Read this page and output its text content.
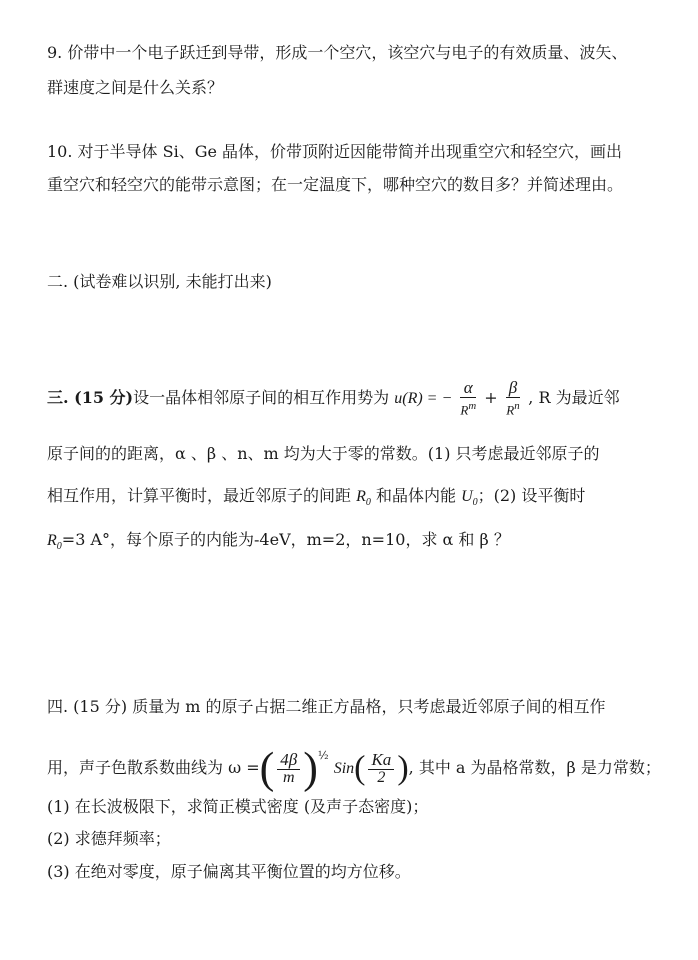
9. 价带中一个电子跃迁到导带，形成一个空穴，该空穴与电子的有效质量、波矢、
群速度之间是什么关系？
10. 对于半导体 Si、Ge 晶体，价带顶附近因能带简并出现重空穴和轻空穴，画出
重空穴和轻空穴的能带示意图；在一定温度下，哪种空穴的数目多？并简述理由。
二. (试卷难以识别, 未能打出来)
三. (15 分)设一晶体相邻原子间的相互作用势为 u(R) = − $\frac{\alpha}{R^m} + \frac{\beta}{R^n}$ , R 为最近邻
原子间的的距离，α 、β 、n、m 均为大于零的常数。(1) 只考虑最近邻原子的
相互作用，计算平衡时，最近邻原子的间距 $R_0$ 和晶体内能 $U_0$；(2) 设平衡时
$R_0=3$ A°，每个原子的内能为-4eV，m=2，n=10，求 α 和 β ？
四. (15 分) 质量为 m 的原子占据二维正方晶格，只考虑最近邻原子间的相互作
用，声子色散系数曲线为 ω =( $\frac{4\beta}{m} )^{\frac{1}{2}}$ $Sin( \frac{Ka}{2}$ ), 其中 a 为晶格常数，β 是力常数；
(1) 在长波极限下，求简正模式密度 (及声子态密度)；
(2) 求德拜频率；
(3) 在绝对零度，原子偏离其平衡位置的均方位移。
